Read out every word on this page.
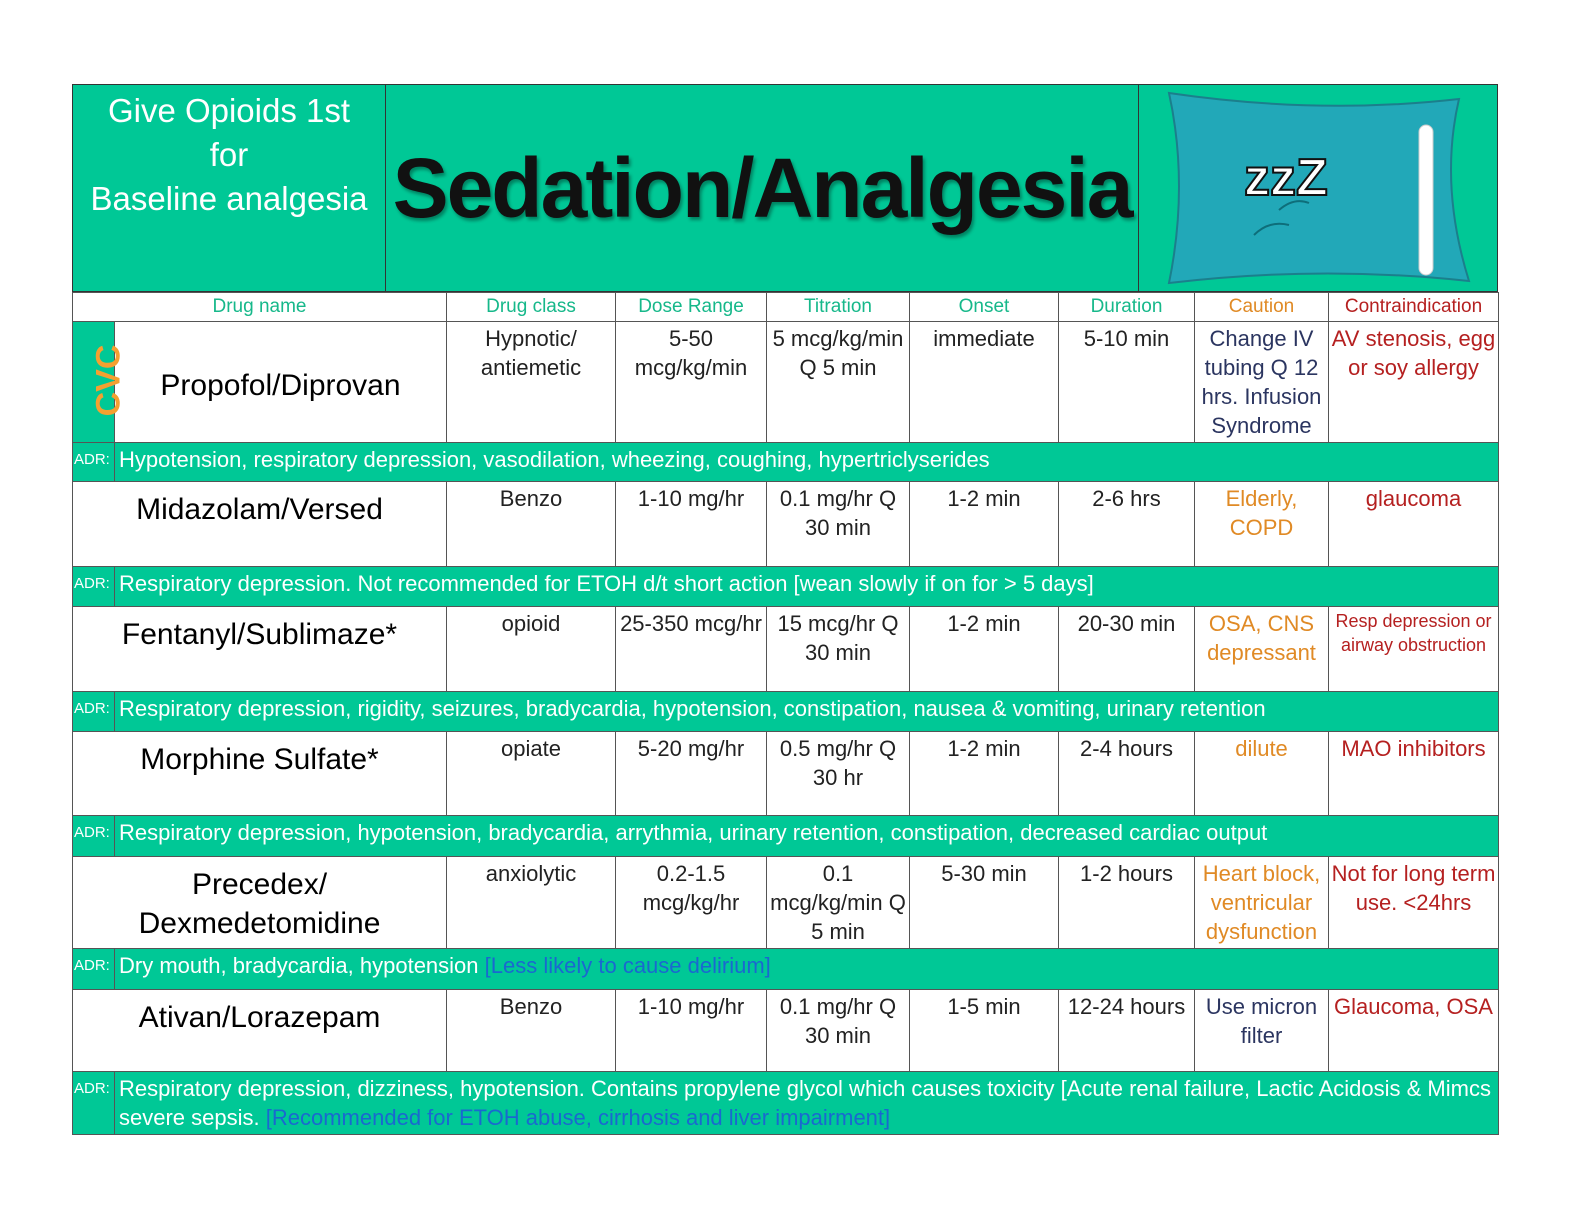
Give Opioids 1st
for
Baseline analgesia Sedation/Analgesia zzZ
Drug name		Drug class	Dose Range	Titration	Onset	Duration	Caution	Contraindication
CVC	Propofol/Diprovan	Hypnotic/ antiemetic	5-50 mcg/kg/min	5 mcg/kg/min Q 5 min	immediate	5-10 min	Change IV tubing Q 12 hrs. Infusion Syndrome	AV stenosis, egg or soy allergy
ADR:	Hypotension, respiratory depression, vasodilation, wheezing, coughing, hypertriclyserides							
Midazolam/Versed		Benzo	1-10 mg/hr	0.1 mg/hr Q 30 min	1-2 min	2-6 hrs	Elderly, COPD	glaucoma
ADR:	Respiratory depression. Not recommended for ETOH d/t short action [wean slowly if on for > 5 days]							
Fentanyl/Sublimaze*		opioid	25-350 mcg/hr	15 mcg/hr Q 30 min	1-2 min	20-30 min	OSA, CNS depressant	Resp depression or airway obstruction
ADR:	Respiratory depression, rigidity, seizures, bradycardia, hypotension, constipation, nausea & vomiting, urinary retention							
Morphine Sulfate*		opiate	5-20 mg/hr	0.5 mg/hr Q 30 hr	1-2 min	2-4 hours	dilute	MAO inhibitors
ADR:	Respiratory depression, hypotension, bradycardia, arrythmia, urinary retention, constipation, decreased cardiac output							
Precedex/ Dexmedetomidine		anxiolytic	0.2-1.5 mcg/kg/hr	0.1 mcg/kg/min Q 5 min	5-30 min	1-2 hours	Heart block, ventricular dysfunction	Not for long term use. <24hrs
ADR:	Dry mouth, bradycardia, hypotension [Less likely to cause delirium]							
Ativan/Lorazepam		Benzo	1-10 mg/hr	0.1 mg/hr Q 30 min	1-5 min	12-24 hours	Use micron filter	Glaucoma, OSA
ADR:	Respiratory depression, dizziness, hypotension. Contains propylene glycol which causes toxicity [Acute renal failure, Lactic Acidosis & Mimcs severe sepsis. [Recommended for ETOH abuse, cirrhosis and liver impairment]							
